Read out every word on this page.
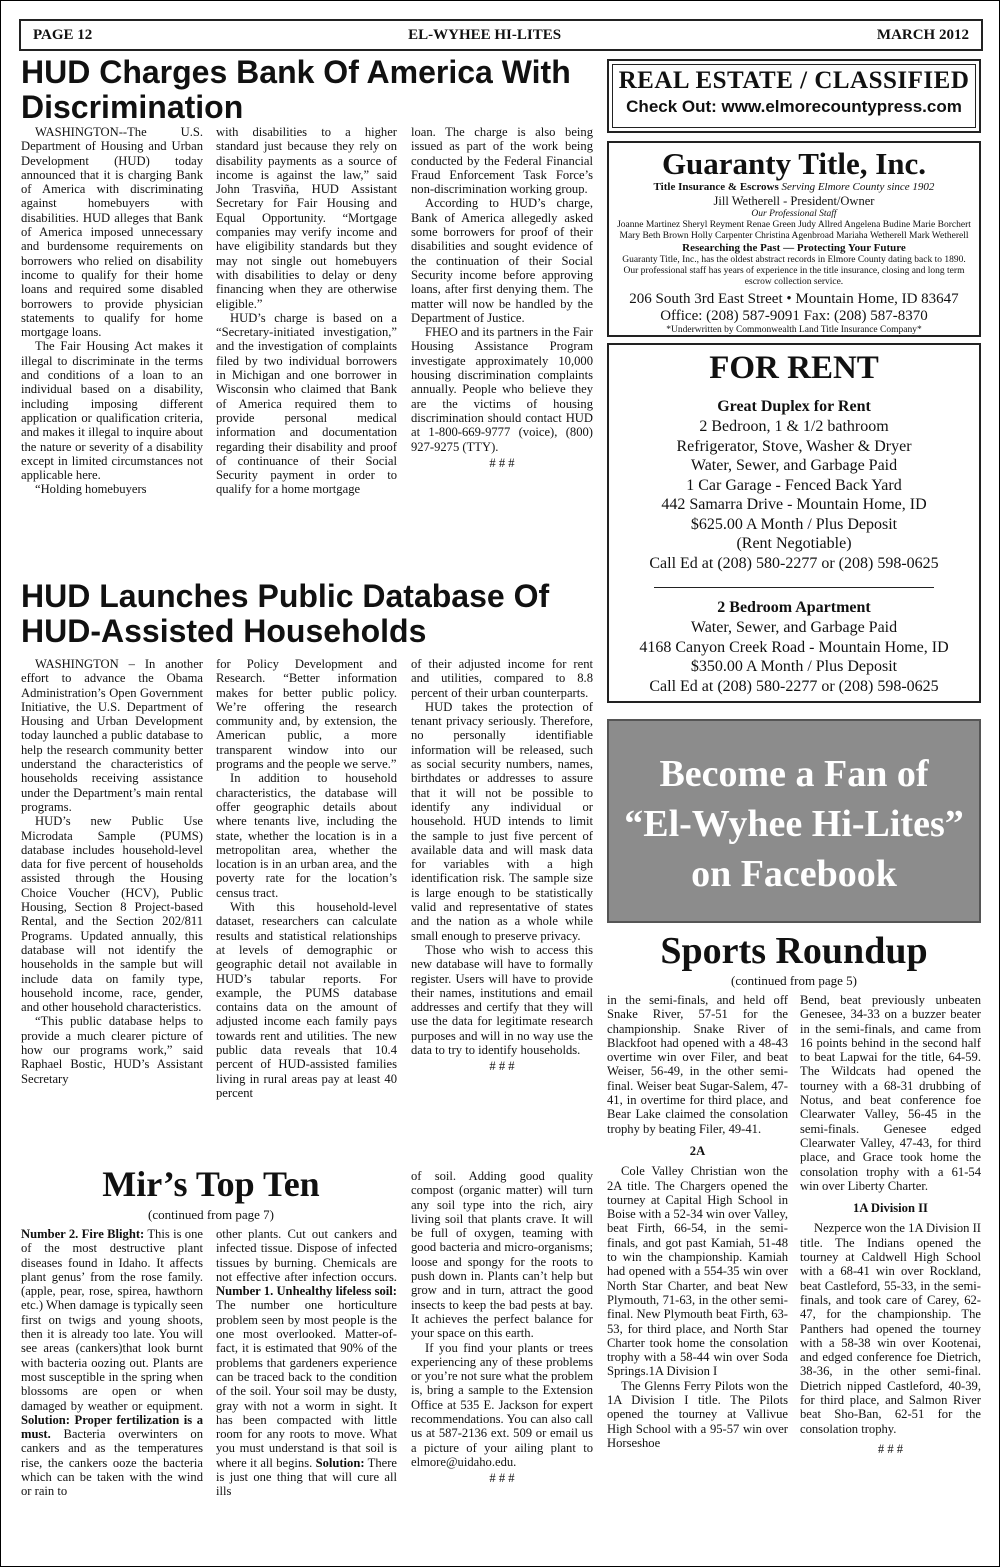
PAGE 12	EL-WYHEE HI-LITES	MARCH 2012
HUD Charges Bank Of America With Discrimination

WASHINGTON--The U.S. Department of Housing and Urban Development (HUD) today announced that it is charging Bank of America with discriminating against homebuyers with disabilities. HUD alleges that Bank of America imposed unnecessary and burdensome requirements on borrowers who relied on disability income to qualify for their home loans and required some disabled borrowers to provide physician statements to qualify for home mortgage loans.

The Fair Housing Act makes it illegal to discriminate in the terms and conditions of a loan to an individual based on a disability, including imposing different application or qualification criteria, and makes it illegal to inquire about the nature or severity of a disability except in limited circumstances not applicable here.

“Holding homebuyers

with disabilities to a higher standard just because they rely on disability payments as a source of income is against the law,” said John Trasviña, HUD Assistant Secretary for Fair Housing and Equal Opportunity. “Mortgage companies may verify income and have eligibility standards but they may not single out homebuyers with disabilities to delay or deny financing when they are otherwise eligible.”

HUD’s charge is based on a “Secretary-initiated investigation,” and the investigation of complaints filed by two individual borrowers in Michigan and one borrower in Wisconsin who claimed that Bank of America required them to provide personal medical information and documentation regarding their disability and proof of continuance of their Social Security payment in order to qualify for a home mortgage

loan. The charge is also being issued as part of the work being conducted by the Federal Financial Fraud Enforcement Task Force’s non-discrimination working group.

According to HUD’s charge, Bank of America allegedly asked some borrowers for proof of their disabilities and sought evidence of the continuation of their Social Security income before approving loans, after first denying them. The matter will now be handled by the Department of Justice.

FHEO and its partners in the Fair Housing Assistance Program investigate approximately 10,000 housing discrimination complaints annually. People who believe they are the victims of housing discrimination should contact HUD at 1-800-669-9777 (voice), (800) 927-9275 (TTY).

# # #
HUD Launches Public Database Of HUD-Assisted Households

WASHINGTON – In another effort to advance the Obama Administration’s Open Government Initiative, the U.S. Department of Housing and Urban Development today launched a public database to help the research community better understand the characteristics of households receiving assistance under the Department’s main rental programs.

HUD’s new Public Use Microdata Sample (PUMS) database includes household-level data for five percent of households assisted through the Housing Choice Voucher (HCV), Public Housing, Section 8 Project-based Rental, and the Section 202/811 Programs. Updated annually, this database will not identify the households in the sample but will include data on family type, household income, race, gender, and other household characteristics.

“This public database helps to provide a much clearer picture of how our programs work,” said Raphael Bostic, HUD’s Assistant Secretary

for Policy Development and Research. “Better information makes for better public policy. We’re offering the research community and, by extension, the American public, a more transparent window into our programs and the people we serve.”

In addition to household characteristics, the database will offer geographic details about where tenants live, including the state, whether the location is in a metropolitan area, whether the location is in an urban area, and the poverty rate for the location’s census tract.

With this household-level dataset, researchers can calculate results and statistical relationships at levels of demographic or geographic detail not available in HUD’s tabular reports. For example, the PUMS database contains data on the amount of adjusted income each family pays towards rent and utilities. The new public data reveals that 10.4 percent of HUD-assisted families living in rural areas pay at least 40 percent

of their adjusted income for rent and utilities, compared to 8.8 percent of their urban counterparts.

HUD takes the protection of tenant privacy seriously. Therefore, no personally identifiable information will be released, such as social security numbers, names, birthdates or addresses to assure that it will not be possible to identify any individual or household. HUD intends to limit the sample to just five percent of available data and will mask data for variables with a high identification risk. The sample size is large enough to be statistically valid and representative of states and the nation as a whole while small enough to preserve privacy.

Those who wish to access this new database will have to formally register. Users will have to provide their names, institutions and email addresses and certify that they will use the data for legitimate research purposes and will in no way use the data to try to identify households.

# # #
Mir’s Top Ten
(continued from page 7)

Number 2. Fire Blight: This is one of the most destructive plant diseases found in Idaho. It affects plant genus’ from the rose family. (apple, pear, rose, spirea, hawthorn etc.) When damage is typically seen first on twigs and young shoots, then it is already too late. You will see areas (cankers)that look burnt with bacteria oozing out. Plants are most susceptible in the spring when blossoms are open or when damaged by weather or equipment. Solution: Proper fertilization is a must. Bacteria overwinters on cankers and as the temperatures rise, the cankers ooze the bacteria which can be taken with the wind or rain to

other plants. Cut out cankers and infected tissue. Dispose of infected tissues by burning. Chemicals are not effective after infection occurs. Number 1. Unhealthy lifeless soil: The number one horticulture problem seen by most people is the one most overlooked. Matter-of- fact, it is estimated that 90% of the problems that gardeners experience can be traced back to the condition of the soil. Your soil may be dusty, gray with not a worm in sight. It has been compacted with little room for any roots to move. What you must understand is that soil is where it all begins. Solution: There is just one thing that will cure all ills

of soil. Adding good quality compost (organic matter) will turn any soil type into the rich, airy living soil that plants crave. It will be full of oxygen, teaming with good bacteria and micro-organisms; loose and spongy for the roots to push down in. Plants can’t help but grow and in turn, attract the good insects to keep the bad pests at bay. It achieves the perfect balance for your space on this earth.

If you find your plants or trees experiencing any of these problems or you’re not sure what the problem is, bring a sample to the Extension Office at 535 E. Jackson for expert recommendations. You can also call us at 587-2136 ext. 509 or email us a picture of your ailing plant to elmore@uidaho.edu.

# # #
REAL ESTATE / CLASSIFIED
Check Out: www.elmorecountypress.com
Guaranty Title, Inc.
Title Insurance & Escrows Serving Elmore County since 1902
Jill Wetherell - President/Owner
Our Professional Staff
Joanne Martinez Sheryl Reyment Renae Green Judy Allred Angelena Budine Marie Borchert
Mary Beth Brown Holly Carpenter Christina Agenbroad Mariaha Wetherell Mark Wetherell
Researching the Past — Protecting Your Future
Guaranty Title, Inc., has the oldest abstract records in Elmore County dating back to 1890. Our professional staff has years of experience in the title insurance, closing and long term escrow collection service.
206 South 3rd East Street • Mountain Home, ID 83647
Office: (208) 587-9091 Fax: (208) 587-8370
*Underwritten by Commonwealth Land Title Insurance Company*
FOR RENT
Great Duplex for Rent
2 Bedroon, 1 & 1/2 bathroom
Refrigerator, Stove, Washer & Dryer
Water, Sewer, and Garbage Paid
1 Car Garage - Fenced Back Yard
442 Samarra Drive - Mountain Home, ID
$625.00 A Month / Plus Deposit
(Rent Negotiable)
Call Ed at (208) 580-2277 or (208) 598-0625
2 Bedroom Apartment
Water, Sewer, and Garbage Paid
4168 Canyon Creek Road - Mountain Home, ID
$350.00 A Month / Plus Deposit
Call Ed at (208) 580-2277 or (208) 598-0625
Become a Fan of
“El-Wyhee Hi-Lites”
on Facebook
Sports Roundup
(continued from page 5)

in the semi-finals, and held off Snake River, 57-51 for the championship. Snake River of Blackfoot had opened with a 48-43 overtime win over Filer, and beat Weiser, 56-49, in the other semi-final. Weiser beat Sugar-Salem, 47-41, in overtime for third place, and Bear Lake claimed the consolation trophy by beating Filer, 49-41.

2A

Cole Valley Christian won the 2A title. The Chargers opened the tourney at Capital High School in Boise with a 52-34 win over Valley, beat Firth, 66-54, in the semi-finals, and got past Kamiah, 51-48 to win the championship. Kamiah had opened with a 554-35 win over North Star Charter, and beat New Plymouth, 71-63, in the other semi-final. New Plymouth beat Firth, 63-53, for third place, and North Star Charter took home the consolation trophy with a 58-44 win over Soda Springs.1A Division I

The Glenns Ferry Pilots won the 1A Division I title. The Pilots opened the tourney at Vallivue High School with a 95-57 win over Horseshoe

Bend, beat previously unbeaten Genesee, 34-33 on a buzzer beater in the semi-finals, and came from 16 points behind in the second half to beat Lapwai for the title, 64-59. The Wildcats had opened the tourney with a 68-31 drubbing of Notus, and beat conference foe Clearwater Valley, 56-45 in the semi-finals. Genesee edged Clearwater Valley, 47-43, for third place, and Grace took home the consolation trophy with a 61-54 win over Liberty Charter.

1A Division II

Nezperce won the 1A Division II title. The Indians opened the tourney at Caldwell High School with a 68-41 win over Rockland, beat Castleford, 55-33, in the semi-finals, and took care of Carey, 62-47, for the championship. The Panthers had opened the tourney with a 58-38 win over Kootenai, and edged conference foe Dietrich, 38-36, in the other semi-final. Dietrich nipped Castleford, 40-39, for third place, and Salmon River beat Sho-Ban, 62-51 for the consolation trophy.

# # #
